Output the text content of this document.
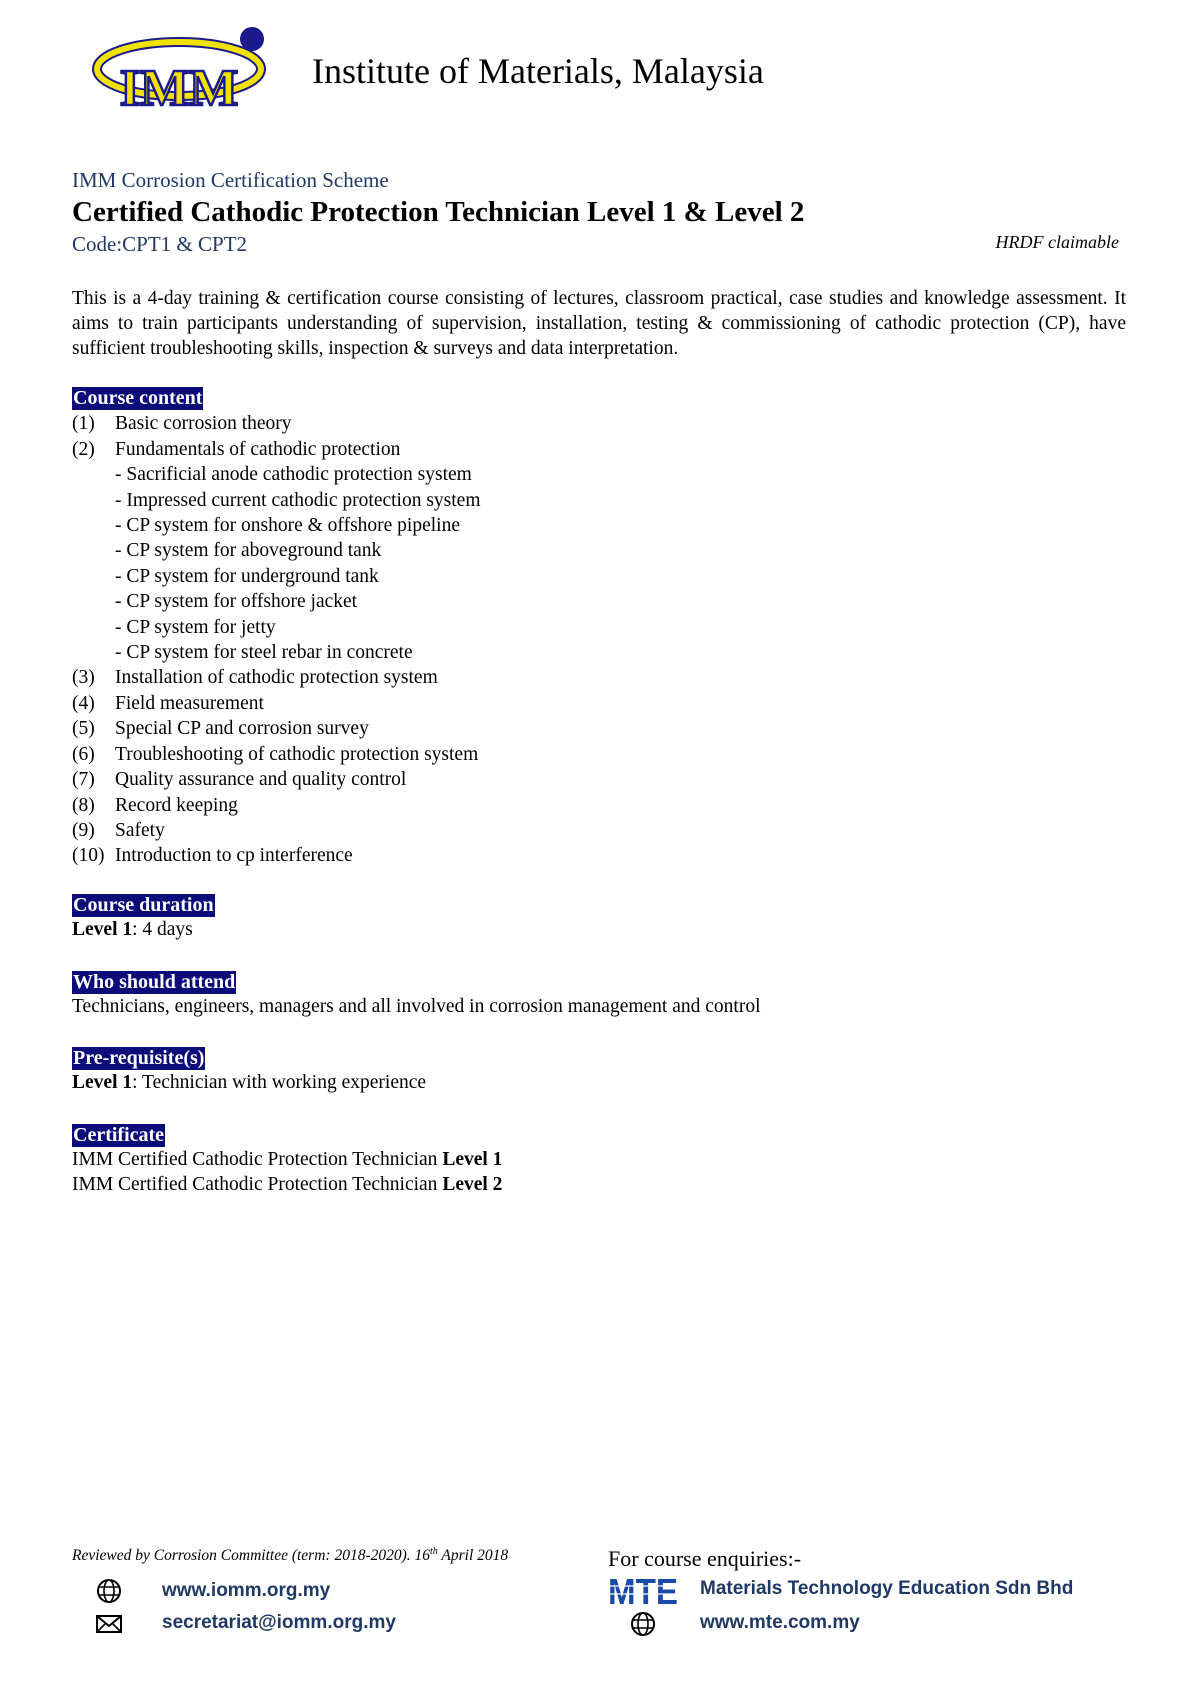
IMM Institute of Materials, Malaysia
IMM Corrosion Certification Scheme
Certified Cathodic Protection Technician Level 1 & Level 2
Code:CPT1 & CPT2	HRDF claimable
This is a 4-day training & certification course consisting of lectures, classroom practical, case studies and knowledge assessment. It aims to train participants understanding of supervision, installation, testing & commissioning of cathodic protection (CP), have sufficient troubleshooting skills, inspection & surveys and data interpretation.
Course content
(1) Basic corrosion theory
(2) Fundamentals of cathodic protection
- Sacrificial anode cathodic protection system
- Impressed current cathodic protection system
- CP system for onshore & offshore pipeline
- CP system for aboveground tank
- CP system for underground tank
- CP system for offshore jacket
- CP system for jetty
- CP system for steel rebar in concrete
(3) Installation of cathodic protection system
(4) Field measurement
(5) Special CP and corrosion survey
(6) Troubleshooting of cathodic protection system
(7) Quality assurance and quality control
(8) Record keeping
(9) Safety
(10) Introduction to cp interference
Course duration
Level 1: 4 days
Who should attend
Technicians, engineers, managers and all involved in corrosion management and control
Pre-requisite(s)
Level 1: Technician with working experience
Certificate
IMM Certified Cathodic Protection Technician Level 1
IMM Certified Cathodic Protection Technician Level 2
Reviewed by Corrosion Committee (term: 2018-2020). 16th April 2018	For course enquiries:-
www.iomm.org.my
secretariat@iomm.org.my
MTE Materials Technology Education Sdn Bhd
www.mte.com.my
